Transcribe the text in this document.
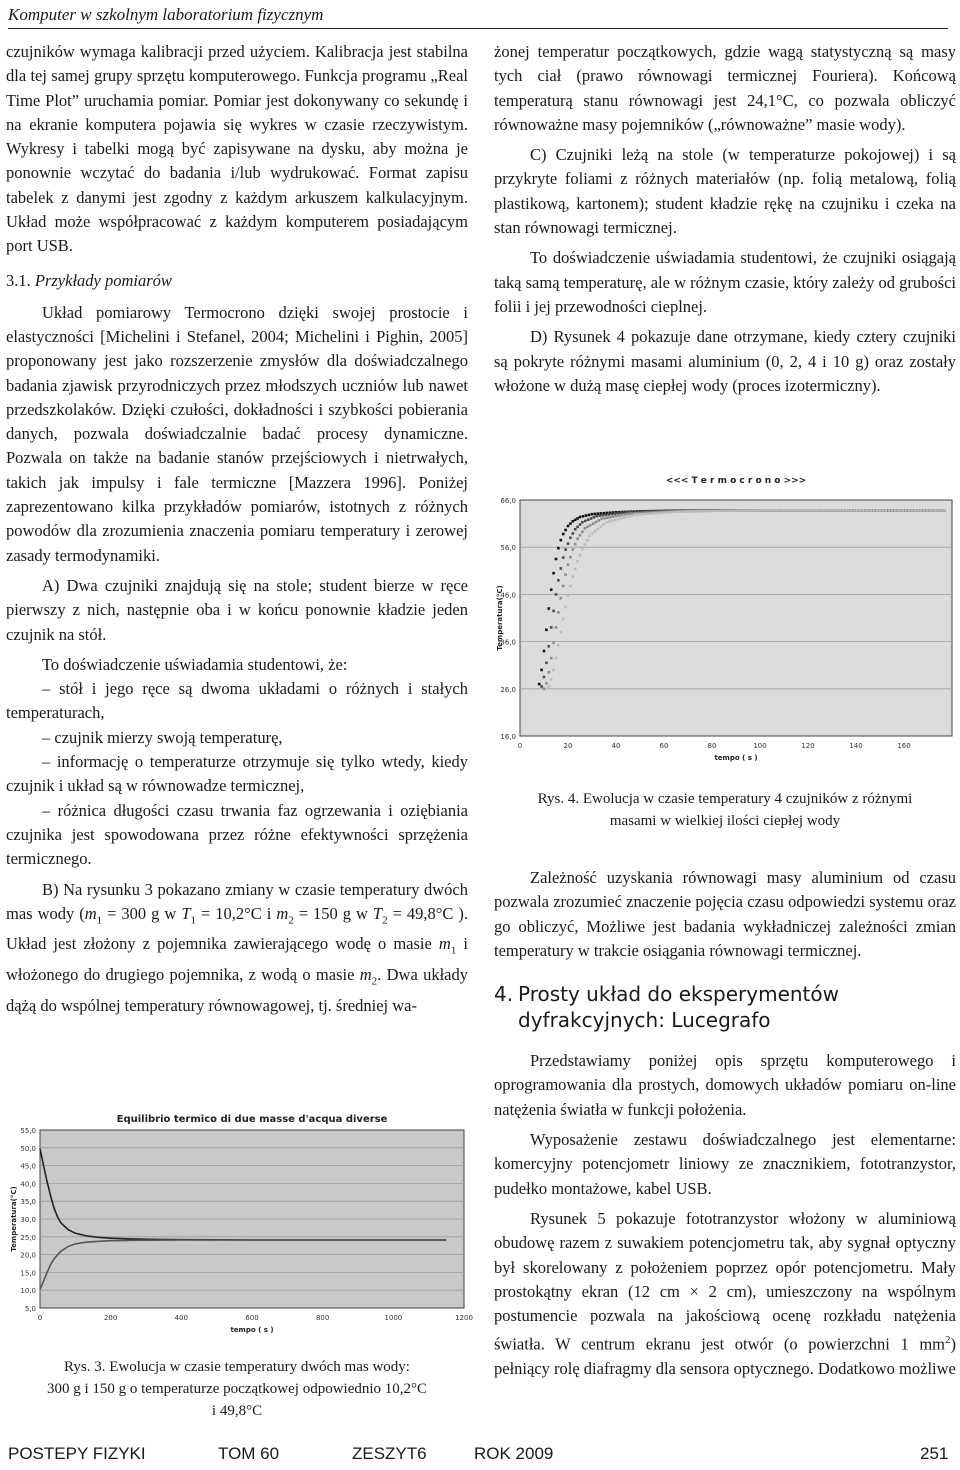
Komputer w szkolnym laboratorium fizycznym

czujników wymaga kalibracji przed użyciem. Kalibracja jest stabilna dla tej samej grupy sprzętu komputerowego. Funkcja programu „Real Time Plot” uruchamia pomiar. Pomiar jest dokonywany co sekundę i na ekranie komputera pojawia się wykres w czasie rzeczywistym. Wykresy i tabelki mogą być zapisywane na dysku, aby można je ponownie wczytać do badania i/lub wydrukować. Format zapisu tabelek z danymi jest zgodny z każdym arkuszem kalkulacyjnym. Układ może współpracować z każdym komputerem posiadającym port USB.

3.1. Przykłady pomiarów

Układ pomiarowy Termocrono dzięki swojej prostocie i elastyczności [Michelini i Stefanel, 2004; Michelini i Pighin, 2005] proponowany jest jako rozszerzenie zmysłów dla doświadczalnego badania zjawisk przyrodniczych przez młodszych uczniów lub nawet przedszkolaków. Dzięki czułości, dokładności i szybkości pobierania danych, pozwala doświadczalnie badać procesy dynamiczne. Pozwala on także na badanie stanów przejściowych i nietrwałych, takich jak impulsy i fale termiczne [Mazzera 1996]. Poniżej zaprezentowano kilka przykładów pomiarów, istotnych z różnych powodów dla zrozumienia znaczenia pomiaru temperatury i zerowej zasady termodynamiki.

A) Dwa czujniki znajdują się na stole; student bierze w ręce pierwszy z nich, następnie oba i w końcu ponownie kładzie jeden czujnik na stół.

To doświadczenie uświadamia studentowi, że:

– stół i jego ręce są dwoma układami o różnych i stałych temperaturach,

– czujnik mierzy swoją temperaturę,

– informację o temperaturze otrzymuje się tylko wtedy, kiedy czujnik i układ są w równowadze termicznej,

– różnica długości czasu trwania faz ogrzewania i oziębiania czujnika jest spowodowana przez różne efektywności sprzężenia termicznego.

B) Na rysunku 3 pokazano zmiany w czasie temperatury dwóch mas wody ($m_1 = 300$ g w $T_1 = 10,2^\circ C$ i $m_2 = 150$ g w $T_2 = 49,8^\circ C$ ). Układ jest złożony z pojemnika zawierającego wodę o masie $m_1$ i włożonego do drugiego pojemnika, z wodą o masie $m_2$. Dwa układy dążą do wspólnej temperatury równowagowej, tj. średniej wa-

Equilibrio termico di due masse d'acqua diverse
5,0
10,0
15,0
20,0
25,0
30,0
35,0
40,0
45,0
50,0
55,0
0	200	400	600	800	1000	1200
tempo ( s )
Temperatura(°C)
Rys. 3. Ewolucja w czasie temperatury dwóch mas wody:
300 g i 150 g o temperaturze początkowej odpowiednio 10,2°C
i 49,8°C

żonej temperatur początkowych, gdzie wagą statystyczną są masy tych ciał (prawo równowagi termicznej Fouriera). Końcową temperaturą stanu równowagi jest 24,1°C, co pozwala obliczyć równoważne masy pojemników („równoważne” masie wody).

C) Czujniki leżą na stole (w temperaturze pokojowej) i są przykryte foliami z różnych materiałów (np. folią metalową, folią plastikową, kartonem); student kładzie rękę na czujniku i czeka na stan równowagi termicznej.

To doświadczenie uświadamia studentowi, że czujniki osiągają taką samą temperaturę, ale w różnym czasie, który zależy od grubości folii i jej przewodności cieplnej.

D) Rysunek 4 pokazuje dane otrzymane, kiedy cztery czujniki są pokryte różnymi masami aluminium (0, 2, 4 i 10 g) oraz zostały włożone w dużą masę ciepłej wody (proces izotermiczny).

<<< T e r m o c r o n o >>>
16,0
26,0
36,0
46,0
56,0
66,0
0	20	40	60	80	100	120	140	160
tempo ( s )
Temperatura(°C)
Rys. 4. Ewolucja w czasie temperatury 4 czujników z różnymi
masami w wielkiej ilości ciepłej wody

Zależność uzyskania równowagi masy aluminium od czasu pozwala zrozumieć znaczenie pojęcia czasu odpowiedzi systemu oraz go obliczyć, Możliwe jest badania wykładniczej zależności zmian temperatury w trakcie osiągania równowagi termicznej.

4. Prosty układ do eksperymentów
dyfrakcyjnych: Lucegrafo

Przedstawiamy poniżej opis sprzętu komputerowego i oprogramowania dla prostych, domowych układów pomiaru on-line natężenia światła w funkcji położenia.

Wyposażenie zestawu doświadczalnego jest elementarne: komercyjny potencjometr liniowy ze znacznikiem, fototranzystor, pudełko montażowe, kabel USB.

Rysunek 5 pokazuje fototranzystor włożony w aluminiową obudowę razem z suwakiem potencjometru tak, aby sygnał optyczny był skorelowany z położeniem poprzez opór potencjometru. Mały prostokątny ekran (12 cm × 2 cm), umieszczony na wspólnym postumencie pozwala na jakościową ocenę rozkładu natężenia światła. W centrum ekranu jest otwór (o powierzchni 1 $mm^2$) pełniący rolę diafragmy dla sensora optycznego. Dodatkowo możliwe

POSTEPY FIZYKI	TOM 60	ZESZYT6	ROK 2009	251
